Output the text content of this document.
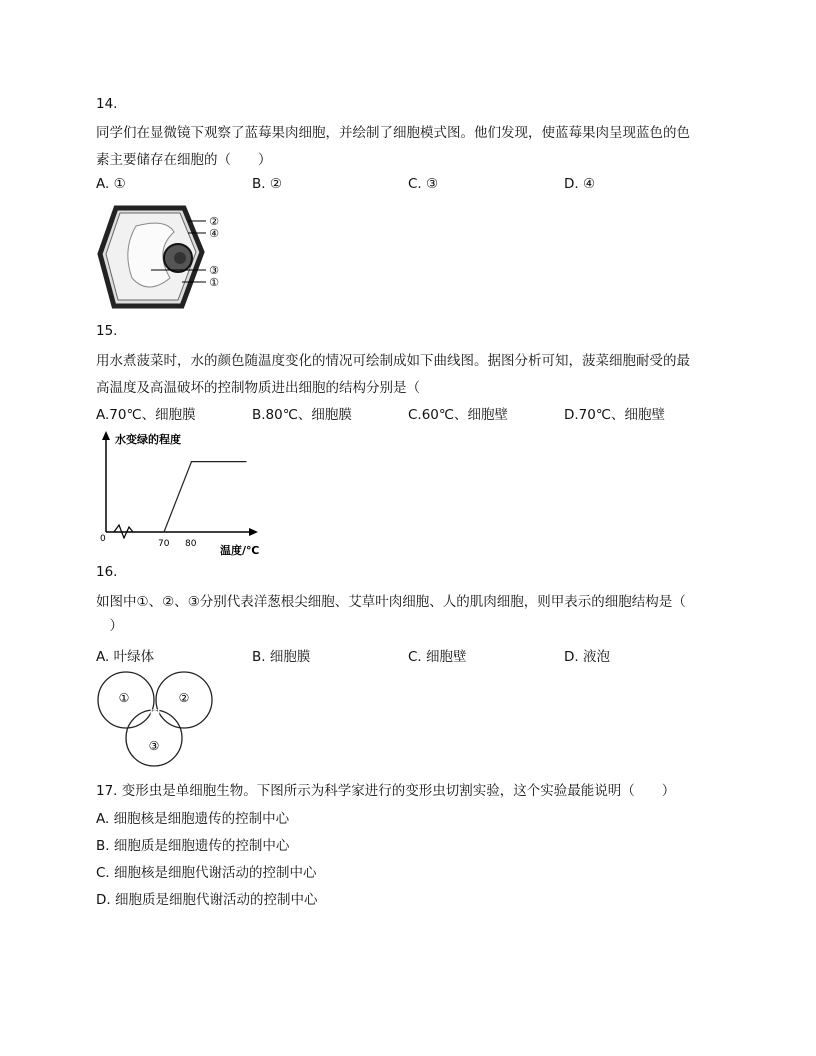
14.
同学们在显微镜下观察了蓝莓果肉细胞，并绘制了细胞模式图。他们发现，使蓝莓果肉呈现蓝色的色
素主要储存在细胞的（　　）
A. ①	B. ②	C. ③	D. ④
②
④
③
①
15.
用水煮菠菜时，水的颜色随温度变化的情况可绘制成如下曲线图。据图分析可知，菠菜细胞耐受的最
高温度及高温破坏的控制物质进出细胞的结构分别是（
A.70℃、细胞膜	B.80℃、细胞膜	C.60℃、细胞壁	D.70℃、细胞壁
水变绿的程度
0	70 80 温度/℃
16.
如图中①、②、③分别代表洋葱根尖细胞、艾草叶肉细胞、人的肌肉细胞，则甲表示的细胞结构是（
　）
A. 叶绿体	B. 细胞膜	C. 细胞壁	D. 液泡
①	②
③
甲
17. 变形虫是单细胞生物。下图所示为科学家进行的变形虫切割实验，这个实验最能说明（　　）
A. 细胞核是细胞遗传的控制中心
B. 细胞质是细胞遗传的控制中心
C. 细胞核是细胞代谢活动的控制中心
D. 细胞质是细胞代谢活动的控制中心
